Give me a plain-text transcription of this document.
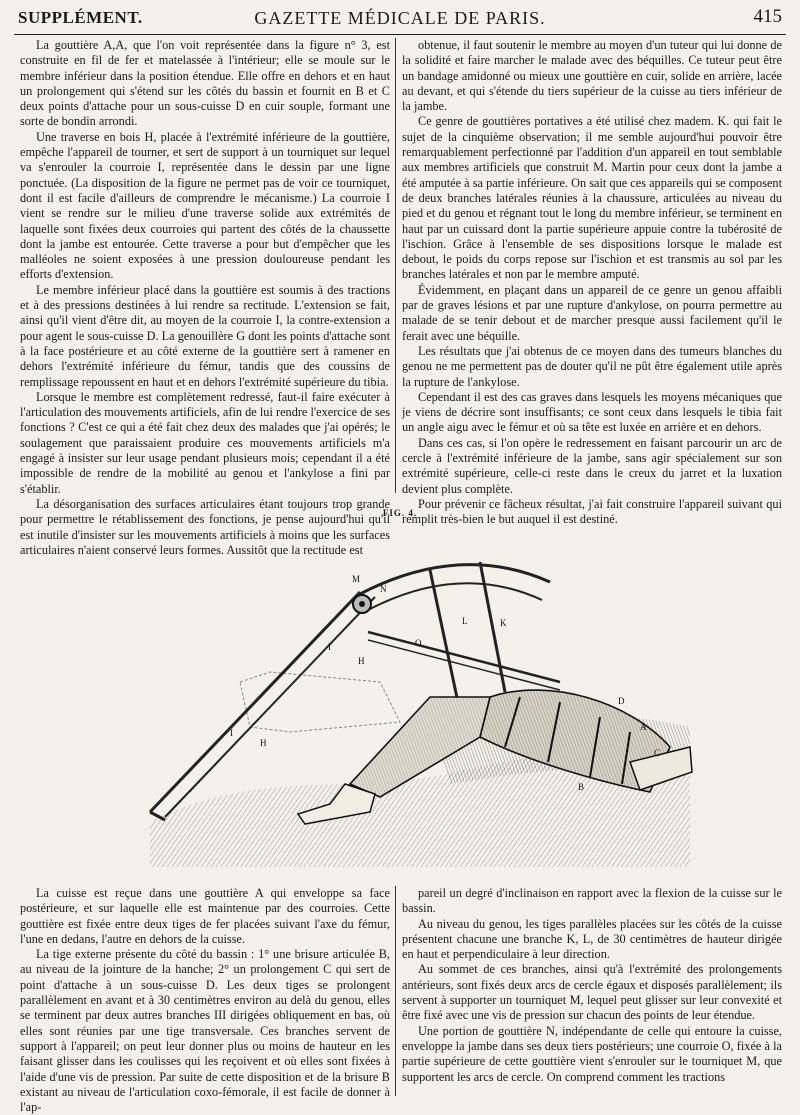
SUPPLÉMENT.	GAZETTE MÉDICALE DE PARIS.	415

La gouttière A,A, que l'on voit représentée dans la figure n° 3, est construite en fil de fer et matelassée à l'intérieur; elle se moule sur le membre inférieur dans la position étendue. Elle offre en dehors et en haut un prolongement qui s'étend sur les côtés du bassin et fournit en B et C deux points d'attache pour un sous-cuisse D en cuir souple, formant une sorte de bondin arrondi.

Une traverse en bois H, placée à l'extrémité inférieure de la gouttière, empêche l'appareil de tourner, et sert de support à un tourniquet sur lequel va s'enrouler la courroie I, représentée dans le dessin par une ligne ponctuée. (La disposition de la figure ne permet pas de voir ce tourniquet, dont il est facile d'ailleurs de comprendre le mécanisme.) La courroie I vient se rendre sur le milieu d'une traverse solide aux extrémités de laquelle sont fixées deux courroies qui partent des côtés de la chaussette dont la jambe est entourée. Cette traverse a pour but d'empêcher que les malléoles ne soient exposées à une pression douloureuse pendant les efforts d'extension.

Le membre inférieur placé dans la gouttière est soumis à des tractions et à des pressions destinées à lui rendre sa rectitude. L'extension se fait, ainsi qu'il vient d'être dit, au moyen de la courroie I, la contre-extension a pour agent le sous-cuisse D. La genouillère G dont les points d'attache sont à la face postérieure et au côté externe de la gouttière sert à ramener en dehors l'extrémité inférieure du fémur, tandis que des coussins de remplissage repoussent en haut et en dehors l'extrémité supérieure du tibia.

Lorsque le membre est complètement redressé, faut-il faire exécuter à l'articulation des mouvements artificiels, afin de lui rendre l'exercice de ses fonctions ? C'est ce qui a été fait chez deux des malades que j'ai opérés; le soulagement que paraissaient produire ces mouvements artificiels m'a engagé à insister sur leur usage pendant plusieurs mois; cependant il a été impossible de rendre de la mobilité au genou et l'ankylose a fini par s'établir.

La désorganisation des surfaces articulaires étant toujours trop grande pour permettre le rétablissement des fonctions, je pense aujourd'hui qu'il est inutile d'insister sur les mouvements artificiels à moins que les surfaces articulaires n'aient conservé leurs formes. Aussitôt que la rectitude est

obtenue, il faut soutenir le membre au moyen d'un tuteur qui lui donne de la solidité et faire marcher le malade avec des béquilles. Ce tuteur peut être un bandage amidonné ou mieux une gouttière en cuir, solide en arrière, lacée au devant, et qui s'étende du tiers supérieur de la cuisse au tiers inférieur de la jambe.

Ce genre de gouttières portatives a été utilisé chez madem. K. qui fait le sujet de la cinquième observation; il me semble aujourd'hui pouvoir être remarquablement perfectionné par l'addition d'un appareil en tout semblable aux membres artificiels que construit M. Martin pour ceux dont la jambe a été amputée à sa partie inférieure. On sait que ces appareils qui se composent de deux branches latérales réunies à la chaussure, articulées au niveau du pied et du genou et régnant tout le long du membre inférieur, se terminent en haut par un cuissard dont la partie supérieure appuie contre la tubérosité de l'ischion. Grâce à l'ensemble de ses dispositions lorsque le malade est debout, le poids du corps repose sur l'ischion et est transmis au sol par les branches latérales et non par le membre amputé.

Évidemment, en plaçant dans un appareil de ce genre un genou affaibli par de graves lésions et par une rupture d'ankylose, on pourra permettre au malade de se tenir debout et de marcher presque aussi facilement qu'il le ferait avec une béquille.

Les résultats que j'ai obtenus de ce moyen dans des tumeurs blanches du genou ne me permettent pas de douter qu'il ne pût être également utile après la rupture de l'ankylose.

Cependant il est des cas graves dans lesquels les moyens mécaniques que je viens de décrire sont insuffisants; ce sont ceux dans lesquels le tibia fait un angle aigu avec le fémur et où sa tête est luxée en arrière et en dehors.

Dans ces cas, si l'on opère le redressement en faisant parcourir un arc de cercle à l'extrémité inférieure de la jambe, sans agir spécialement sur son extrémité supérieure, celle-ci reste dans le creux du jarret et la luxation devient plus complète.

Pour prévenir ce fâcheux résultat, j'ai fait construire l'appareil suivant qui remplit très-bien le but auquel il est destiné.

FIG. 4.
M
N
L	K
O
H
I
I
H
D
A
B
C

La cuisse est reçue dans une gouttière A qui enveloppe sa face postérieure, et sur laquelle elle est maintenue par des courroies. Cette gouttière est fixée entre deux tiges de fer placées suivant l'axe du fémur, l'une en dedans, l'autre en dehors de la cuisse.

La tige externe présente du côté du bassin : 1° une brisure articulée B, au niveau de la jointure de la hanche; 2° un prolongement C qui sert de point d'attache à un sous-cuisse D. Les deux tiges se prolongent parallèlement en avant et à 30 centimètres environ au delà du genou, elles se terminent par deux autres branches III dirigées obliquement en bas, où elles sont réunies par une tige transversale. Ces branches servent de support à l'appareil; on peut leur donner plus ou moins de hauteur en les faisant glisser dans les coulisses qui les reçoivent et où elles sont fixées à l'aide d'une vis de pression. Par suite de cette disposition et de la brisure B existant au niveau de l'articulation coxo-fémorale, il est facile de donner à l'ap-

pareil un degré d'inclinaison en rapport avec la flexion de la cuisse sur le bassin.

Au niveau du genou, les tiges parallèles placées sur les côtés de la cuisse présentent chacune une branche K, L, de 30 centimètres de hauteur dirigée en haut et perpendiculaire à leur direction.

Au sommet de ces branches, ainsi qu'à l'extrémité des prolongements antérieurs, sont fixés deux arcs de cercle égaux et disposés parallèlement; ils servent à supporter un tourniquet M, lequel peut glisser sur leur convexité et être fixé avec une vis de pression sur chacun des points de leur étendue.

Une portion de gouttière N, indépendante de celle qui entoure la cuisse, enveloppe la jambe dans ses deux tiers postérieurs; une courroie O, fixée à la partie supérieure de cette gouttière vient s'enrouler sur le tourniquet M, que supportent les arcs de cercle. On comprend comment les tractions
